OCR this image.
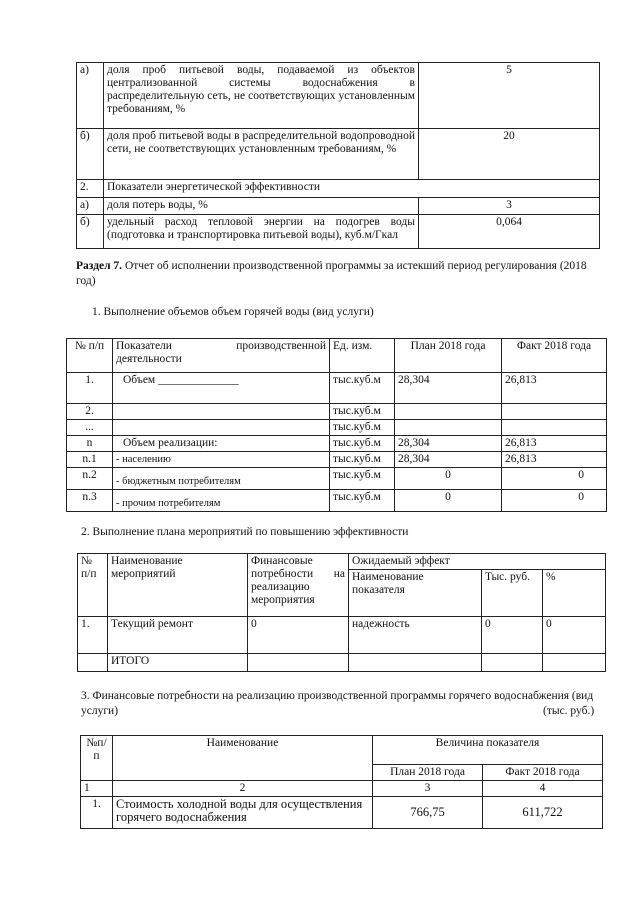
а)	доля проб питьевой воды, подаваемой из объектов централизованной системы водоснабжения в распределительную сеть, не соответствующих установленным требованиям, %	5
б)	доля проб питьевой воды в распределительной водопроводной сети, не соответствующих установленным требованиям, %	20
2.	Показатели энергетической эффективности	
а)	доля потерь воды, %	3
б)	удельный расход тепловой энергии на подогрев воды (подготовка и транспортировка питьевой воды), куб.м/Гкал	0,064
Раздел 7. Отчет об исполнении производственной программы за истекший период регулирования (2018 год)
1. Выполнение объемов объем горячей воды (вид услуги)
№ п/п	Показатели производственной деятельности	Ед. изм.	План 2018 года	Факт 2018 года
1.	Объем ______________	тыс.куб.м	28,304	26,813
2.		тыс.куб.м		
...		тыс.куб.м		
n	Объем реализации:	тыс.куб.м	28,304	26,813
n.1	- населению	тыс.куб.м	28,304	26,813
n.2	- бюджетным потребителям	тыс.куб.м	0	0
n.3	- прочим потребителям	тыс.куб.м	0	0
2. Выполнение плана мероприятий по повышению эффективности
№ п/п	Наименование мероприятий	Финансовые потребности на реализацию мероприятия	Ожидаемый эффект		
			Наименование показателя	Тыс. руб.	%
1.	Текущий ремонт	0	надежность	0	0
	ИТОГО				
3. Финансовые потребности на реализацию производственной программы горячего водоснабжения (вид услуги)	(тыс. руб.)
№п/ п	Наименование	Величина показателя	
		План 2018 года	Факт 2018 года
1	2	3	4
1.	Стоимость холодной воды для осуществления горячего водоснабжения	766,75	611,722
